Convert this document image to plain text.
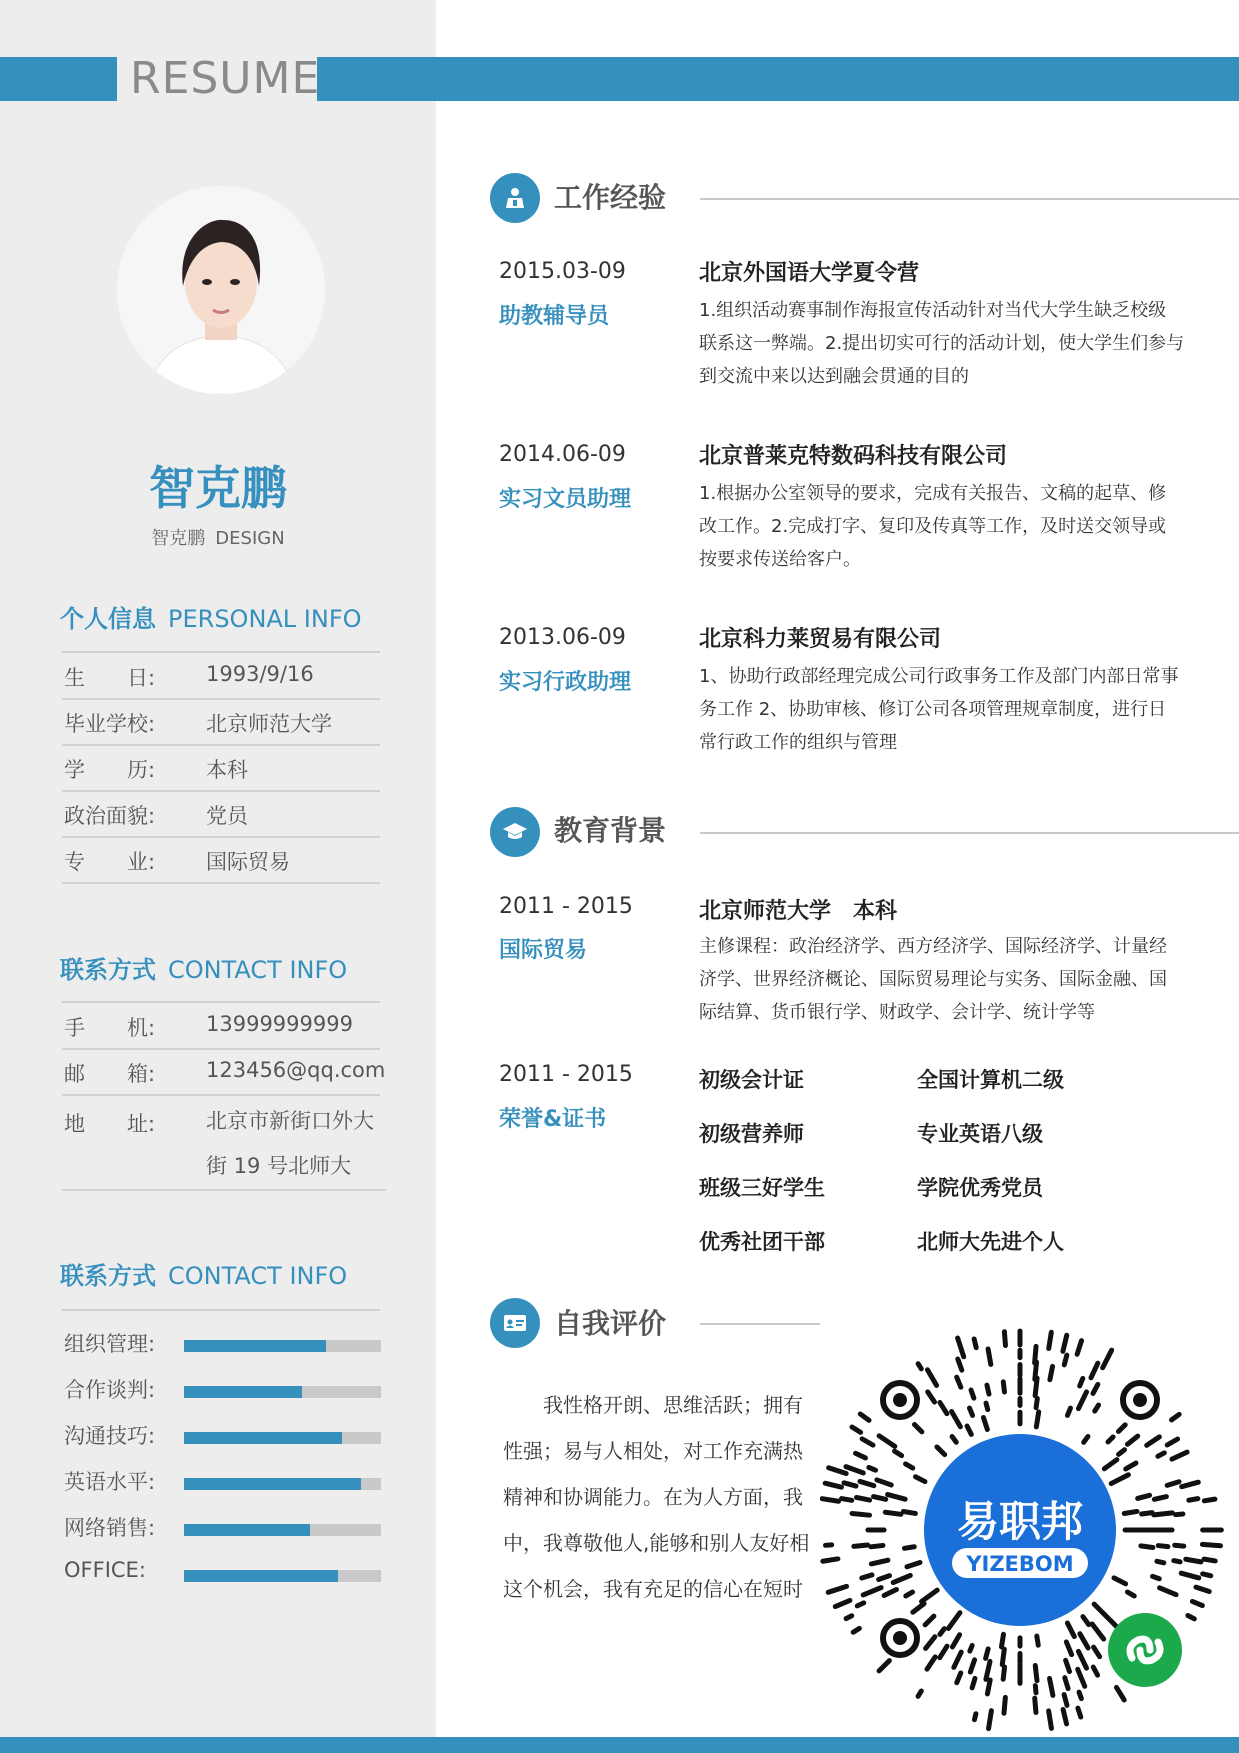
RESUME
智克鹏
智克鹏 DESIGN
个人信息 PERSONAL INFO
生　　日:	1993/9/16
毕业学校:	北京师范大学
学　　历:	本科
政治面貌:	党员
专　　业:	国际贸易
联系方式 CONTACT INFO
手　　机:	13999999999
邮　　箱:	123456@qq.com
地　　址: 北京市新街口外大
街 19 号北师大
联系方式 CONTACT INFO
组织管理:
合作谈判:
沟通技巧:
英语水平:
网络销售:
OFFICE:
工作经验
2015.03-09
助教辅导员
北京外国语大学夏令营
1.组织活动赛事制作海报宣传活动针对当代大学生缺乏校级
联系这一弊端。2.提出切实可行的活动计划，使大学生们参与
到交流中来以达到融会贯通的目的
2014.06-09
实习文员助理
北京普莱克特数码科技有限公司
1.根据办公室领导的要求，完成有关报告、文稿的起草、修
改工作。2.完成打字、复印及传真等工作，及时送交领导或
按要求传送给客户。
2013.06-09
实习行政助理
北京科力莱贸易有限公司
1、协助行政部经理完成公司行政事务工作及部门内部日常事
务工作 2、协助审核、修订公司各项管理规章制度，进行日
常行政工作的组织与管理
教育背景
2011 - 2015
国际贸易
北京师范大学　本科
主修课程：政治经济学、西方经济学、国际经济学、计量经
济学、世界经济概论、国际贸易理论与实务、国际金融、国
际结算、货币银行学、财政学、会计学、统计学等
2011 - 2015
荣誉&证书
初级会计证	全国计算机二级
初级营养师	专业英语八级
班级三好学生	学院优秀党员
优秀社团干部	北师大先进个人
自我评价

　　我性格开朗、思维活跃；拥有

性强；易与人相处，对工作充满热

精神和协调能力。在为人方面，我

中，我尊敬他人,能够和别人友好相

这个机会，我有充足的信心在短时

易职邦
YIZEBOM
